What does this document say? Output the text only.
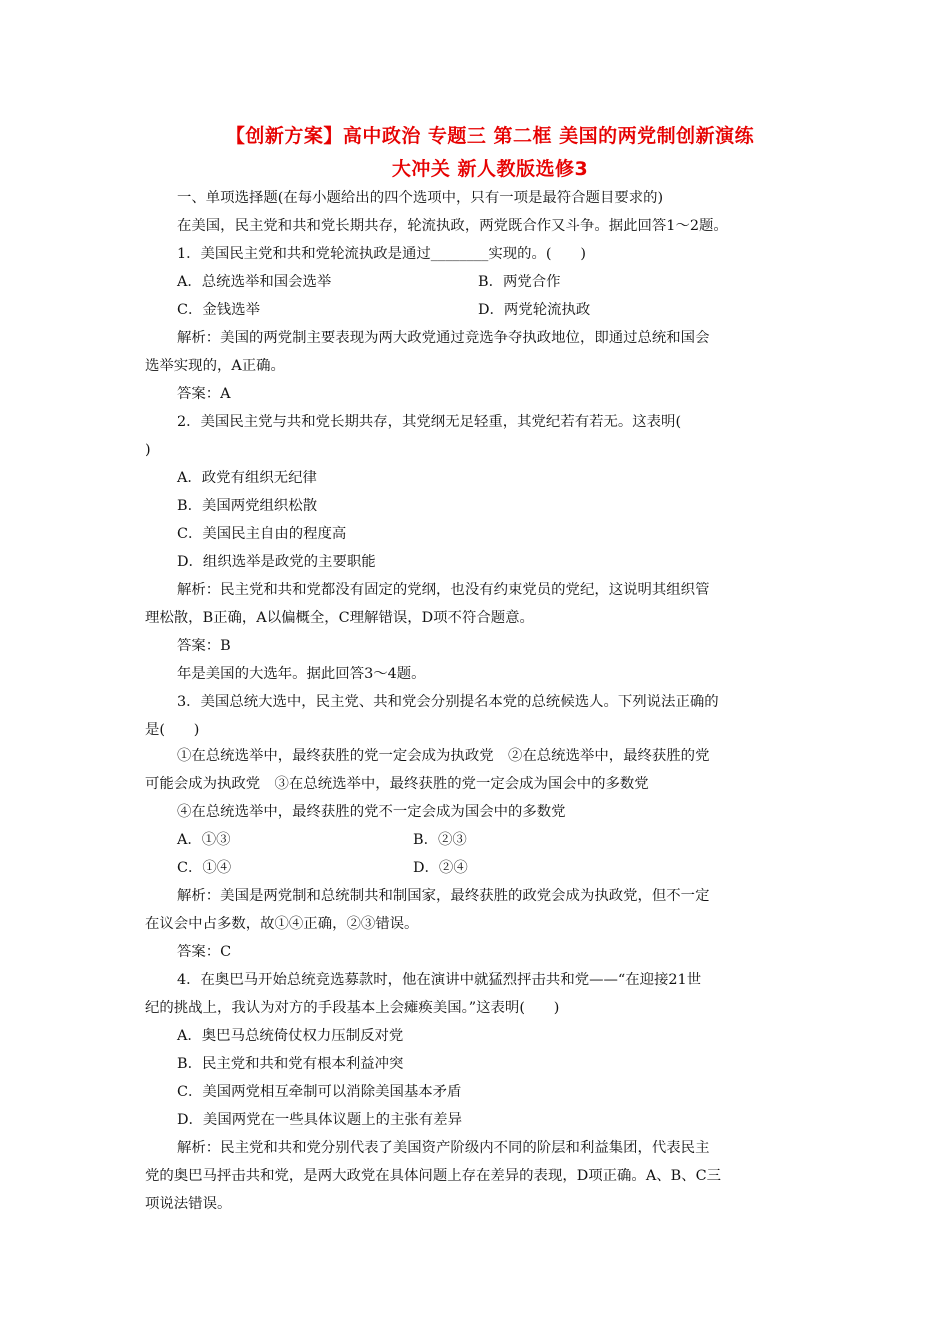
【创新方案】高中政治 专题三 第二框 美国的两党制创新演练
大冲关 新人教版选修3
一、单项选择题(在每小题给出的四个选项中，只有一项是最符合题目要求的)
在美国，民主党和共和党长期共存，轮流执政，两党既合作又斗争。据此回答1～2题。
1．美国民主党和共和党轮流执政是通过________实现的。(　　)
A．总统选举和国会选举	B．两党合作
C．金钱选举	D．两党轮流执政
解析：美国的两党制主要表现为两大政党通过竞选争夺执政地位，即通过总统和国会
选举实现的，A正确。
答案：A
2．美国民主党与共和党长期共存，其党纲无足轻重，其党纪若有若无。这表明(
)
A．政党有组织无纪律
B．美国两党组织松散
C．美国民主自由的程度高
D．组织选举是政党的主要职能
解析：民主党和共和党都没有固定的党纲，也没有约束党员的党纪，这说明其组织管
理松散，B正确，A以偏概全，C理解错误，D项不符合题意。
答案：B
年是美国的大选年。据此回答3～4题。
3．美国总统大选中，民主党、共和党会分别提名本党的总统候选人。下列说法正确的
是(　　)
①在总统选举中，最终获胜的党一定会成为执政党　②在总统选举中，最终获胜的党
可能会成为执政党　③在总统选举中，最终获胜的党一定会成为国会中的多数党
④在总统选举中，最终获胜的党不一定会成为国会中的多数党
A．①③	B．②③
C．①④	D．②④
解析：美国是两党制和总统制共和制国家，最终获胜的政党会成为执政党，但不一定
在议会中占多数，故①④正确，②③错误。
答案：C
4．在奥巴马开始总统竞选募款时，他在演讲中就猛烈抨击共和党——“在迎接21世
纪的挑战上，我认为对方的手段基本上会瘫痪美国。”这表明(　　)
A．奥巴马总统倚仗权力压制反对党
B．民主党和共和党有根本利益冲突
C．美国两党相互牵制可以消除美国基本矛盾
D．美国两党在一些具体议题上的主张有差异
解析：民主党和共和党分别代表了美国资产阶级内不同的阶层和利益集团，代表民主
党的奥巴马抨击共和党，是两大政党在具体问题上存在差异的表现，D项正确。A、B、C三
项说法错误。
